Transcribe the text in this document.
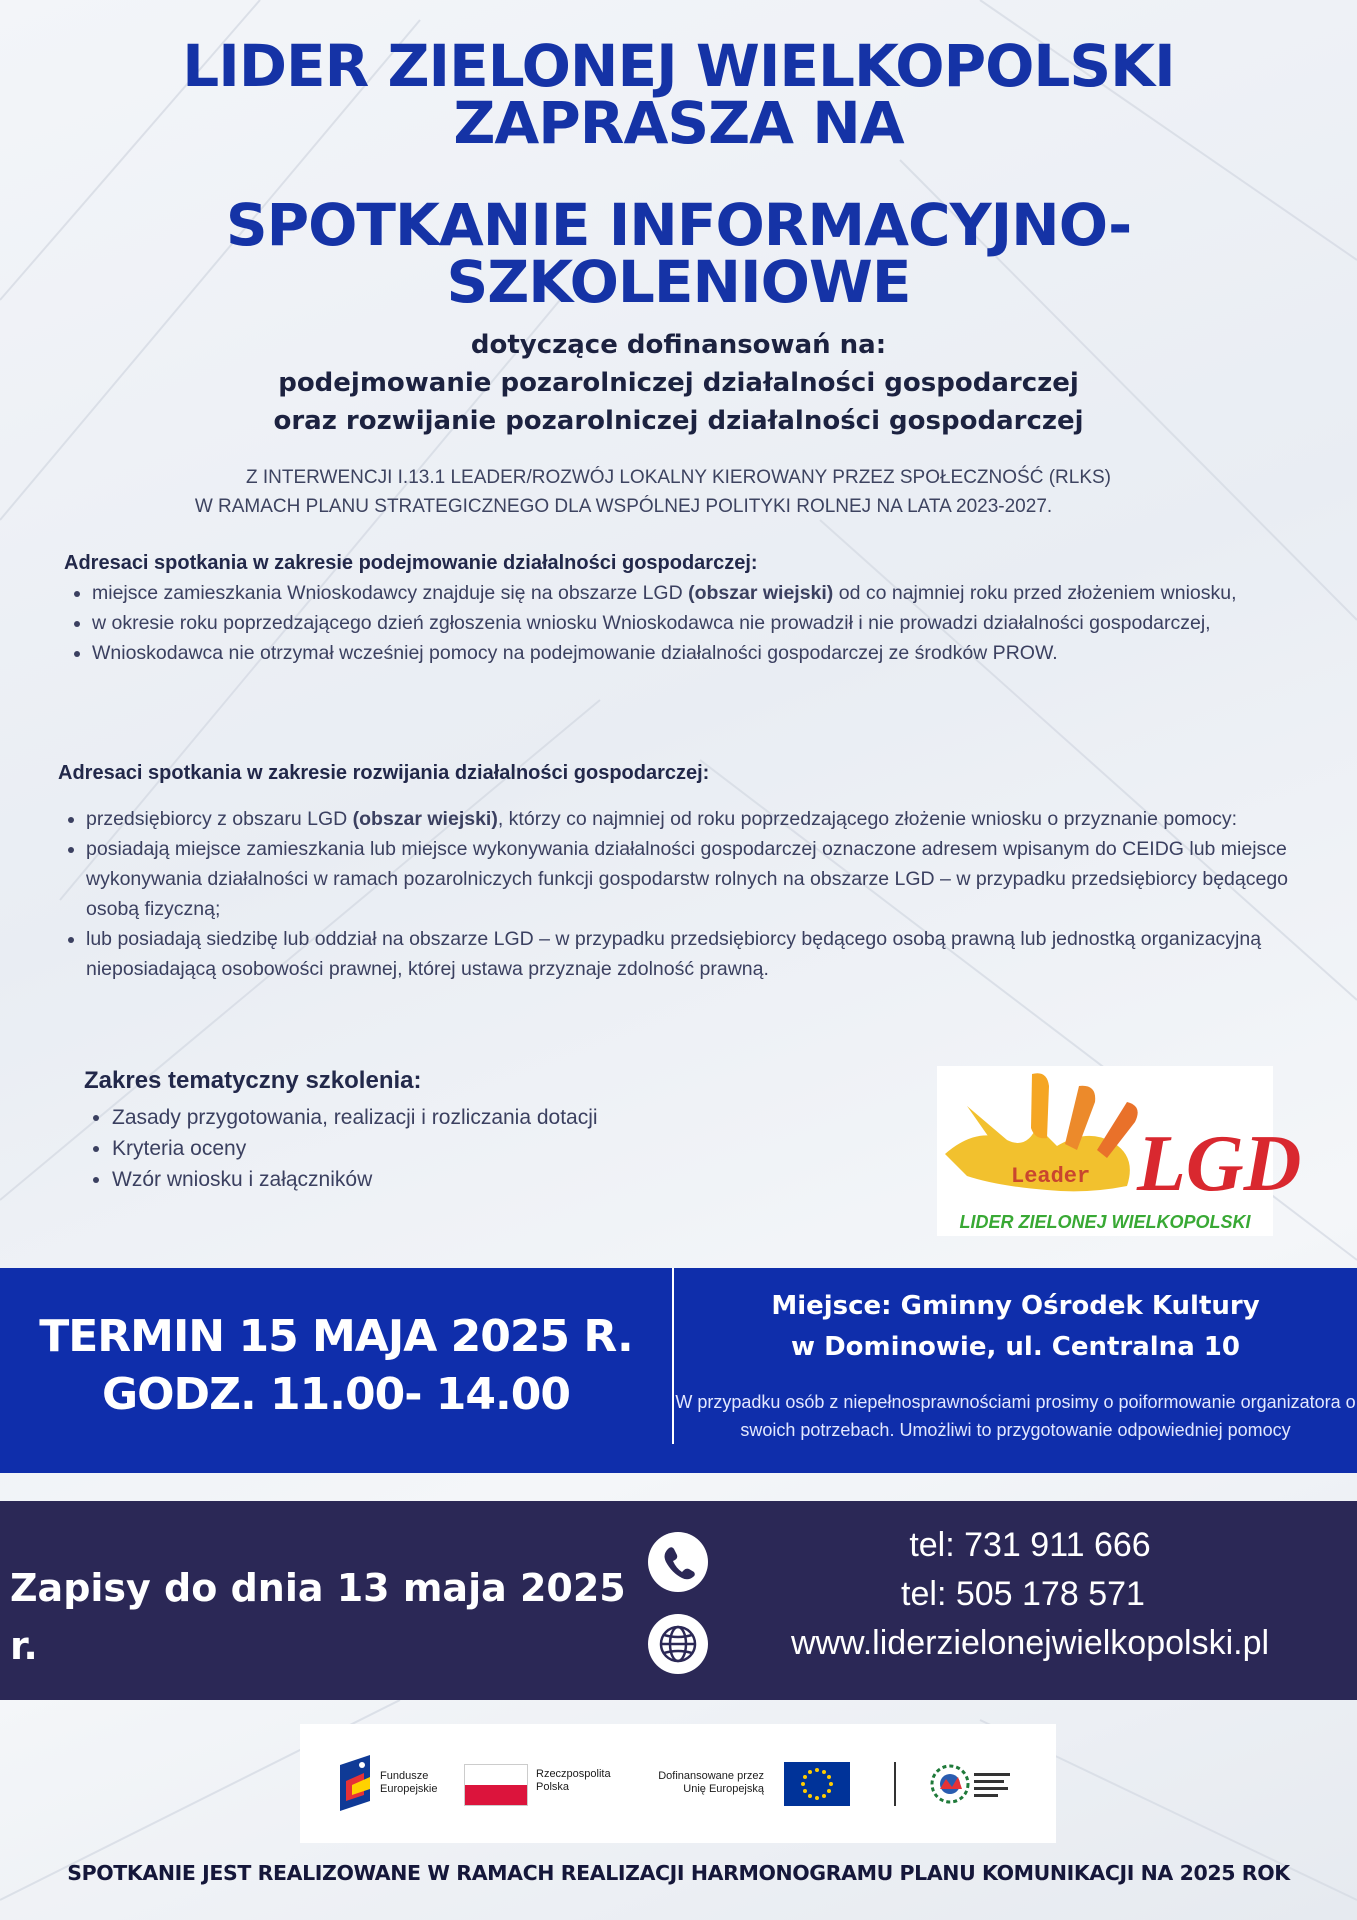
LIDER ZIELONEJ WIELKOPOLSKI
ZAPRASZA NA
SPOTKANIE INFORMACYJNO-
SZKOLENIOWE
dotyczące dofinansowań na:
podejmowanie pozarolniczej działalności gospodarczej
oraz rozwijanie pozarolniczej działalności gospodarczej
Z INTERWENCJI I.13.1 LEADER/ROZWÓJ LOKALNY KIEROWANY PRZEZ SPOŁECZNOŚĆ (RLKS)
W RAMACH PLANU STRATEGICZNEGO DLA WSPÓLNEJ POLITYKI ROLNEJ NA LATA 2023-2027.
Adresaci spotkania w zakresie podejmowanie działalności gospodarczej:
• miejsce zamieszkania Wnioskodawcy znajduje się na obszarze LGD (obszar wiejski) od co najmniej roku przed złożeniem wniosku,
• w okresie roku poprzedzającego dzień zgłoszenia wniosku Wnioskodawca nie prowadził i nie prowadzi działalności gospodarczej,
• Wnioskodawca nie otrzymał wcześniej pomocy na podejmowanie działalności gospodarczej ze środków PROW.
Adresaci spotkania w zakresie rozwijania działalności gospodarczej:
• przedsiębiorcy z obszaru LGD (obszar wiejski), którzy co najmniej od roku poprzedzającego złożenie wniosku o przyznanie pomocy:
• posiadają miejsce zamieszkania lub miejsce wykonywania działalności gospodarczej oznaczone adresem wpisanym do CEIDG lub miejsce wykonywania działalności w ramach pozarolniczych funkcji gospodarstw rolnych na obszarze LGD – w przypadku przedsiębiorcy będącego osobą fizyczną;
• lub posiadają siedzibę lub oddział na obszarze LGD – w przypadku przedsiębiorcy będącego osobą prawną lub jednostką organizacyjną nieposiadającą osobowości prawnej, której ustawa przyznaje zdolność prawną.
Zakres tematyczny szkolenia:
• Zasady przygotowania, realizacji i rozliczania dotacji
• Kryteria oceny
• Wzór wniosku i załączników	Leader LGD
LIDER ZIELONEJ WIELKOPOLSKI
TERMIN 15 MAJA 2025 R.
GODZ. 11.00- 14.00
Miejsce: Gminny Ośrodek Kultury
w Dominowie, ul. Centralna 10
W przypadku osób z niepełnosprawnościami prosimy o poiformowanie organizatora o swoich potrzebach. Umożliwi to przygotowanie odpowiedniej pomocy
Zapisy do dnia 13 maja 2025 r.
tel: 731 911 666
tel: 505 178 571
www.liderzielonejwielkopolski.pl
Fundusze
Europejskie
Rzeczpospolita
Polska
Dofinansowane przez
Unię Europejską
SPOTKANIE JEST REALIZOWANE W RAMACH REALIZACJI HARMONOGRAMU PLANU KOMUNIKACJI NA 2025 ROK
